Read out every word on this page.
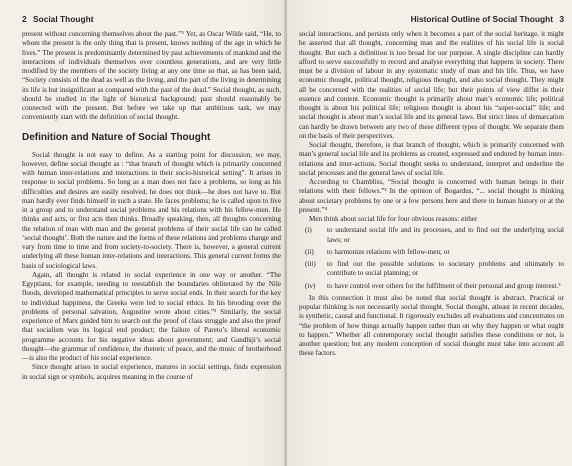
2 Social Thought

present without concerning themselves about the past.’’¹ Yet, as Oscar Wilde said, “He, to whom the present is the only thing that is present, knows nothing of the age in which he lives.” The present is predominantly determined by past achievements of mankind and the interactions of individuals themselves over countless generations, and are very little modified by the members of the society living at any one time so that, as has been said, “Society consists of the dead as well as the living, and the part of the living in determining its life is but insignificant as compared with the past of the dead.” Social thought, as such, should be studied in the light of historical background; past should reasonably be connected with the present. But before we take up that ambitious task, we may conveniently start with the definition of social thought.

Definition and Nature of Social Thought

Social thought is not easy to define. As a starting point for discussion, we may, however, define social thought as : “that branch of thought which is primarily concerned with human inter-relations and interactions in their socio-historical setting”. It arises in response to social problems. So long as a man does not face a problems, so long as his difficulties and desires are easily resolved, he does not think—he does not have to. But man hardly ever finds himself in such a state. He faces problems; he is called upon to live in a group and to understand social problems and his relations with his fellow-men. He thinks and acts, or first acts then thinks. Broadly speaking, then, all thoughts concerning the relation of man with man and the general problems of their social life can be called ‘social thought’. Both the nature and the forms of these relations and problems change and vary from time to time and from society-to-society. There is, however, a general current underlying all these human inter-relations and interactions. This general current forms the basis of sociological laws.

Again, all thought is related to social experience in one way or another. “The Egyptians, for example, needing to reestablish the boundaries obliterated by the Nile floods, developed mathematical principles to serve social ends. In their search for the key to individual happiness, the Greeks were led to social ethics. In his brooding over the problems of personal salvation, Augustine wrote about cities.”² Similarly, the social experience of Marx guided him to search out the proof of class struggle and also the proof that socialism was its logical end product; the failure of Pareto’s liberal economic programme accounts for his negative ideas about government; and Gandhiji’s social thought—the grammar of confidence, the rhetoric of peace, and the music of brotherhood—is also the product of his social experience.

Since thought arises in social experience, matures in social settings, finds expression in social sign or symbols, acquires meaning in the course of

Historical Outline of Social Thought 3

social interactions, and persists only when it becomes a part of the social heritage, it might be asserted that all thought, concerning man and the realities of his social life is social thought. But such a definition is too broad for our purpose. A single discipline can hardly afford to serve successfully to record and analyse everything that happens in society. There must be a division of labour in any systematic study of man and his life. Thus, we have economic thought, political thought, religious thought, and also social thought. They might all be concerned with the realities of social life; but their points of view differ in their essence and content. Economic thought is primarily about man’s economic life; political thought is about his political life; religious thought is about his “super-social” life; and social thought is about man’s social life and its general laws. But strict lines of demarcation can hardly be drawn between any two of these different types of thought. We separate them on the basis of their perspectives.

Social thought, therefore, is that branch of thought, which is primarily concerned with man’s general social life and its problems as created, expressed and endured by human inter-relations and inter-actions. Social thought seeks to understand, interpret and underline the social processes and the general laws of social life.

According to Chambliss, “Social thought is concerned with human beings in their relations with their fellows.”³ In the opinion of Bogardus, “... social thought is thinking about societary problems by one or a few persons here and there in human history or at the present.”⁴

Men think about social life for four obvious reasons: either

(i)	to understand social life and its processes, and to find out the underlying social laws; or
(ii)	to harmonize relations with fellow-men; or
(iii)	to find out the possible solutions to societary problems and ultimately to contribute to social planning; or
(iv)	to have control over others for the fulfilment of their personal and group interest.⁵

In this connection it must also be noted that social thought is abstract. Practical or popular thinking is not necessarily social thought. Social thought, atleast in recent decades, is synthetic, causal and functional. It rigorously excludes all evaluations and concentrates on “the problem of how things actually happen rather than on why they happen or what ought to happen.” Whether all contemporary social thought satisfies these conditions or not, is another question; but any modern conception of social thought must take into account all these factors.
